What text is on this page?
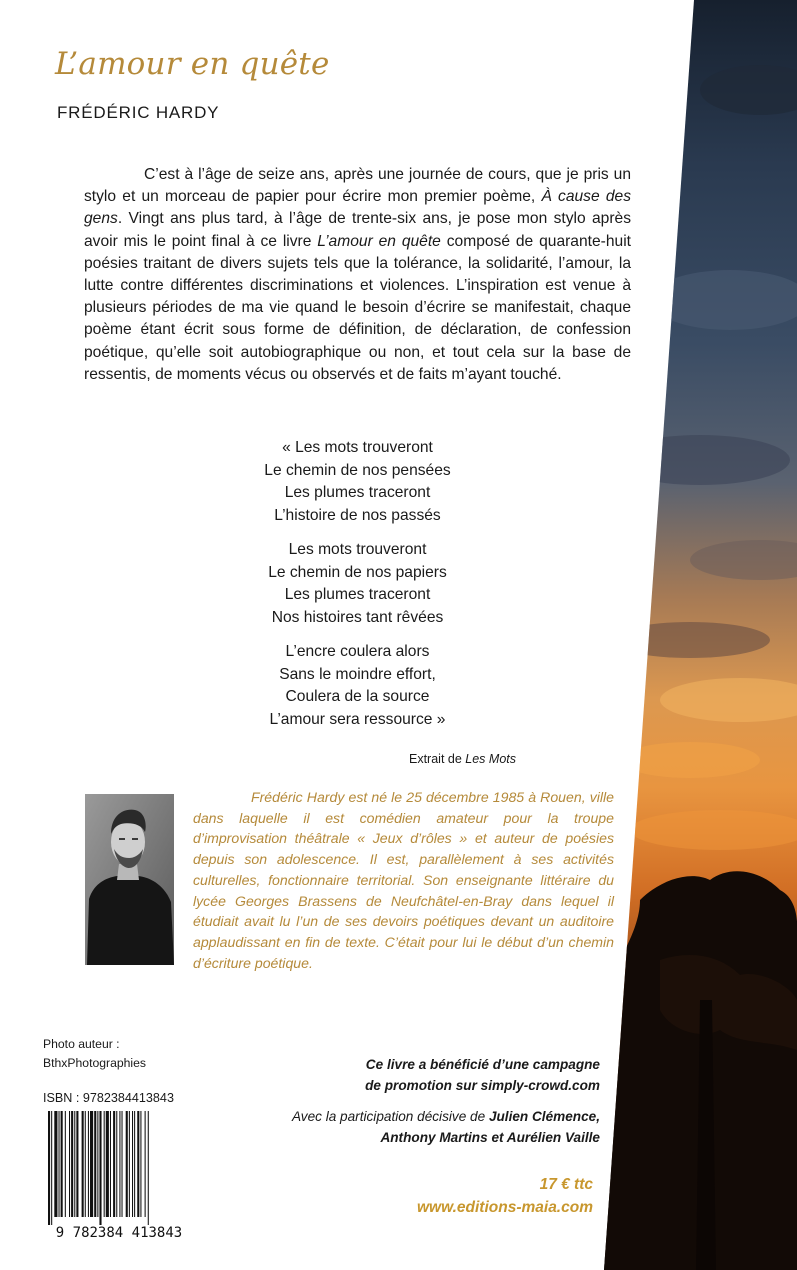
L’amour en quête
FRÉDÉRIC HARDY

C’est à l’âge de seize ans, après une journée de cours, que je pris un stylo et un morceau de papier pour écrire mon premier poème, À cause des gens. Vingt ans plus tard, à l’âge de trente-six ans, je pose mon stylo après avoir mis le point final à ce livre L’amour en quête composé de quarante-huit poésies traitant de divers sujets tels que la tolérance, la solidarité, l’amour, la lutte contre différentes discriminations et violences. L’inspiration est venue à plusieurs périodes de ma vie quand le besoin d’écrire se manifestait, chaque poème étant écrit sous forme de définition, de déclaration, de confession poétique, qu’elle soit autobiographique ou non, et tout cela sur la base de ressentis, de moments vécus ou observés et de faits m’ayant touché.

« Les mots trouveront
Le chemin de nos pensées
Les plumes traceront
L’histoire de nos passés
Les mots trouveront
Le chemin de nos papiers
Les plumes traceront
Nos histoires tant rêvées
L’encre coulera alors
Sans le moindre effort,
Coulera de la source
L’amour sera ressource »
Extrait de Les Mots

Frédéric Hardy est né le 25 décembre 1985 à Rouen, ville dans laquelle il est comédien amateur pour la troupe d’improvisation théâtrale « Jeux d’rôles » et auteur de poésies depuis son adolescence. Il est, parallèlement à ses activités culturelles, fonctionnaire territorial. Son enseignante littéraire du lycée Georges Brassens de Neufchâtel-en-Bray dans lequel il étudiait avait lu l’un de ses devoirs poétiques devant un auditoire applaudissant en fin de texte. C’était pour lui le début d’un chemin d’écriture poétique.

Photo auteur :
BthxPhotographies
ISBN : 9782384413843
9 782384 413843
Ce livre a bénéficié d’une campagne
de promotion sur simply-crowd.com
Avec la participation décisive de Julien Clémence,
Anthony Martins et Aurélien Vaille
17 € ttc
www.editions-maia.com
